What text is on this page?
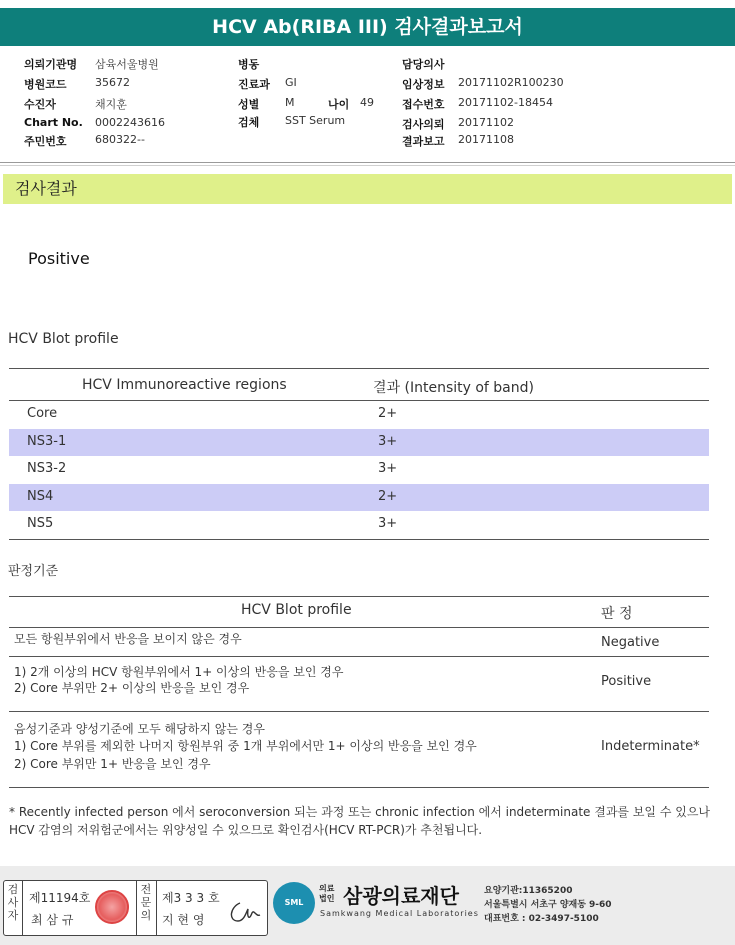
HCV Ab(RIBA III) 검사결과보고서
의뢰기관명 삼육서울병원
병원코드	35672
수진자	채지훈
Chart No. 0002243616
주민번호	680322--
병동
진료과 GI
성별 M	나이 49
검체 SST Serum
담당의사
임상정보 20171102R100230
접수번호 20171102-18454
검사의뢰 20171102
결과보고 20171108
검사결과
Positive
HCV Blot profile
HCV Immunoreactive regions	결과 (Intensity of band)
Core	2+
NS3-1	3+
NS3-2	3+
NS4	2+
NS5	3+
판정기준
HCV Blot profile	판 정
모든 항원부위에서 반응을 보이지 않은 경우	Negative
1) 2개 이상의 HCV 항원부위에서 1+ 이상의 반응을 보인 경우
2) Core 부위만 2+ 이상의 반응을 보인 경우	Positive
음성기준과 양성기준에 모두 해당하지 않는 경우
1) Core 부위를 제외한 나머지 항원부위 중 1개 부위에서만 1+ 이상의 반응을 보인 경우
2) Core 부위만 1+ 반응을 보인 경우
Indeterminate*
* Recently infected person 에서 seroconversion 되는 과정 또는 chronic infection 에서 indeterminate 결과를 보일 수 있으나 HCV 감염의 저위험군에서는 위양성일 수 있으므로 확인검사(HCV RT-PCR)가 추천됩니다.
검사자
제11194호
최 삼 규
전문의
제3 3 3 호
지 현 영
SML
의료
법인 삼광의료재단
Samkwang Medical Laboratories
요양기관:11365200
서울특별시 서초구 양재동 9-60
대표번호 : 02-3497-5100
